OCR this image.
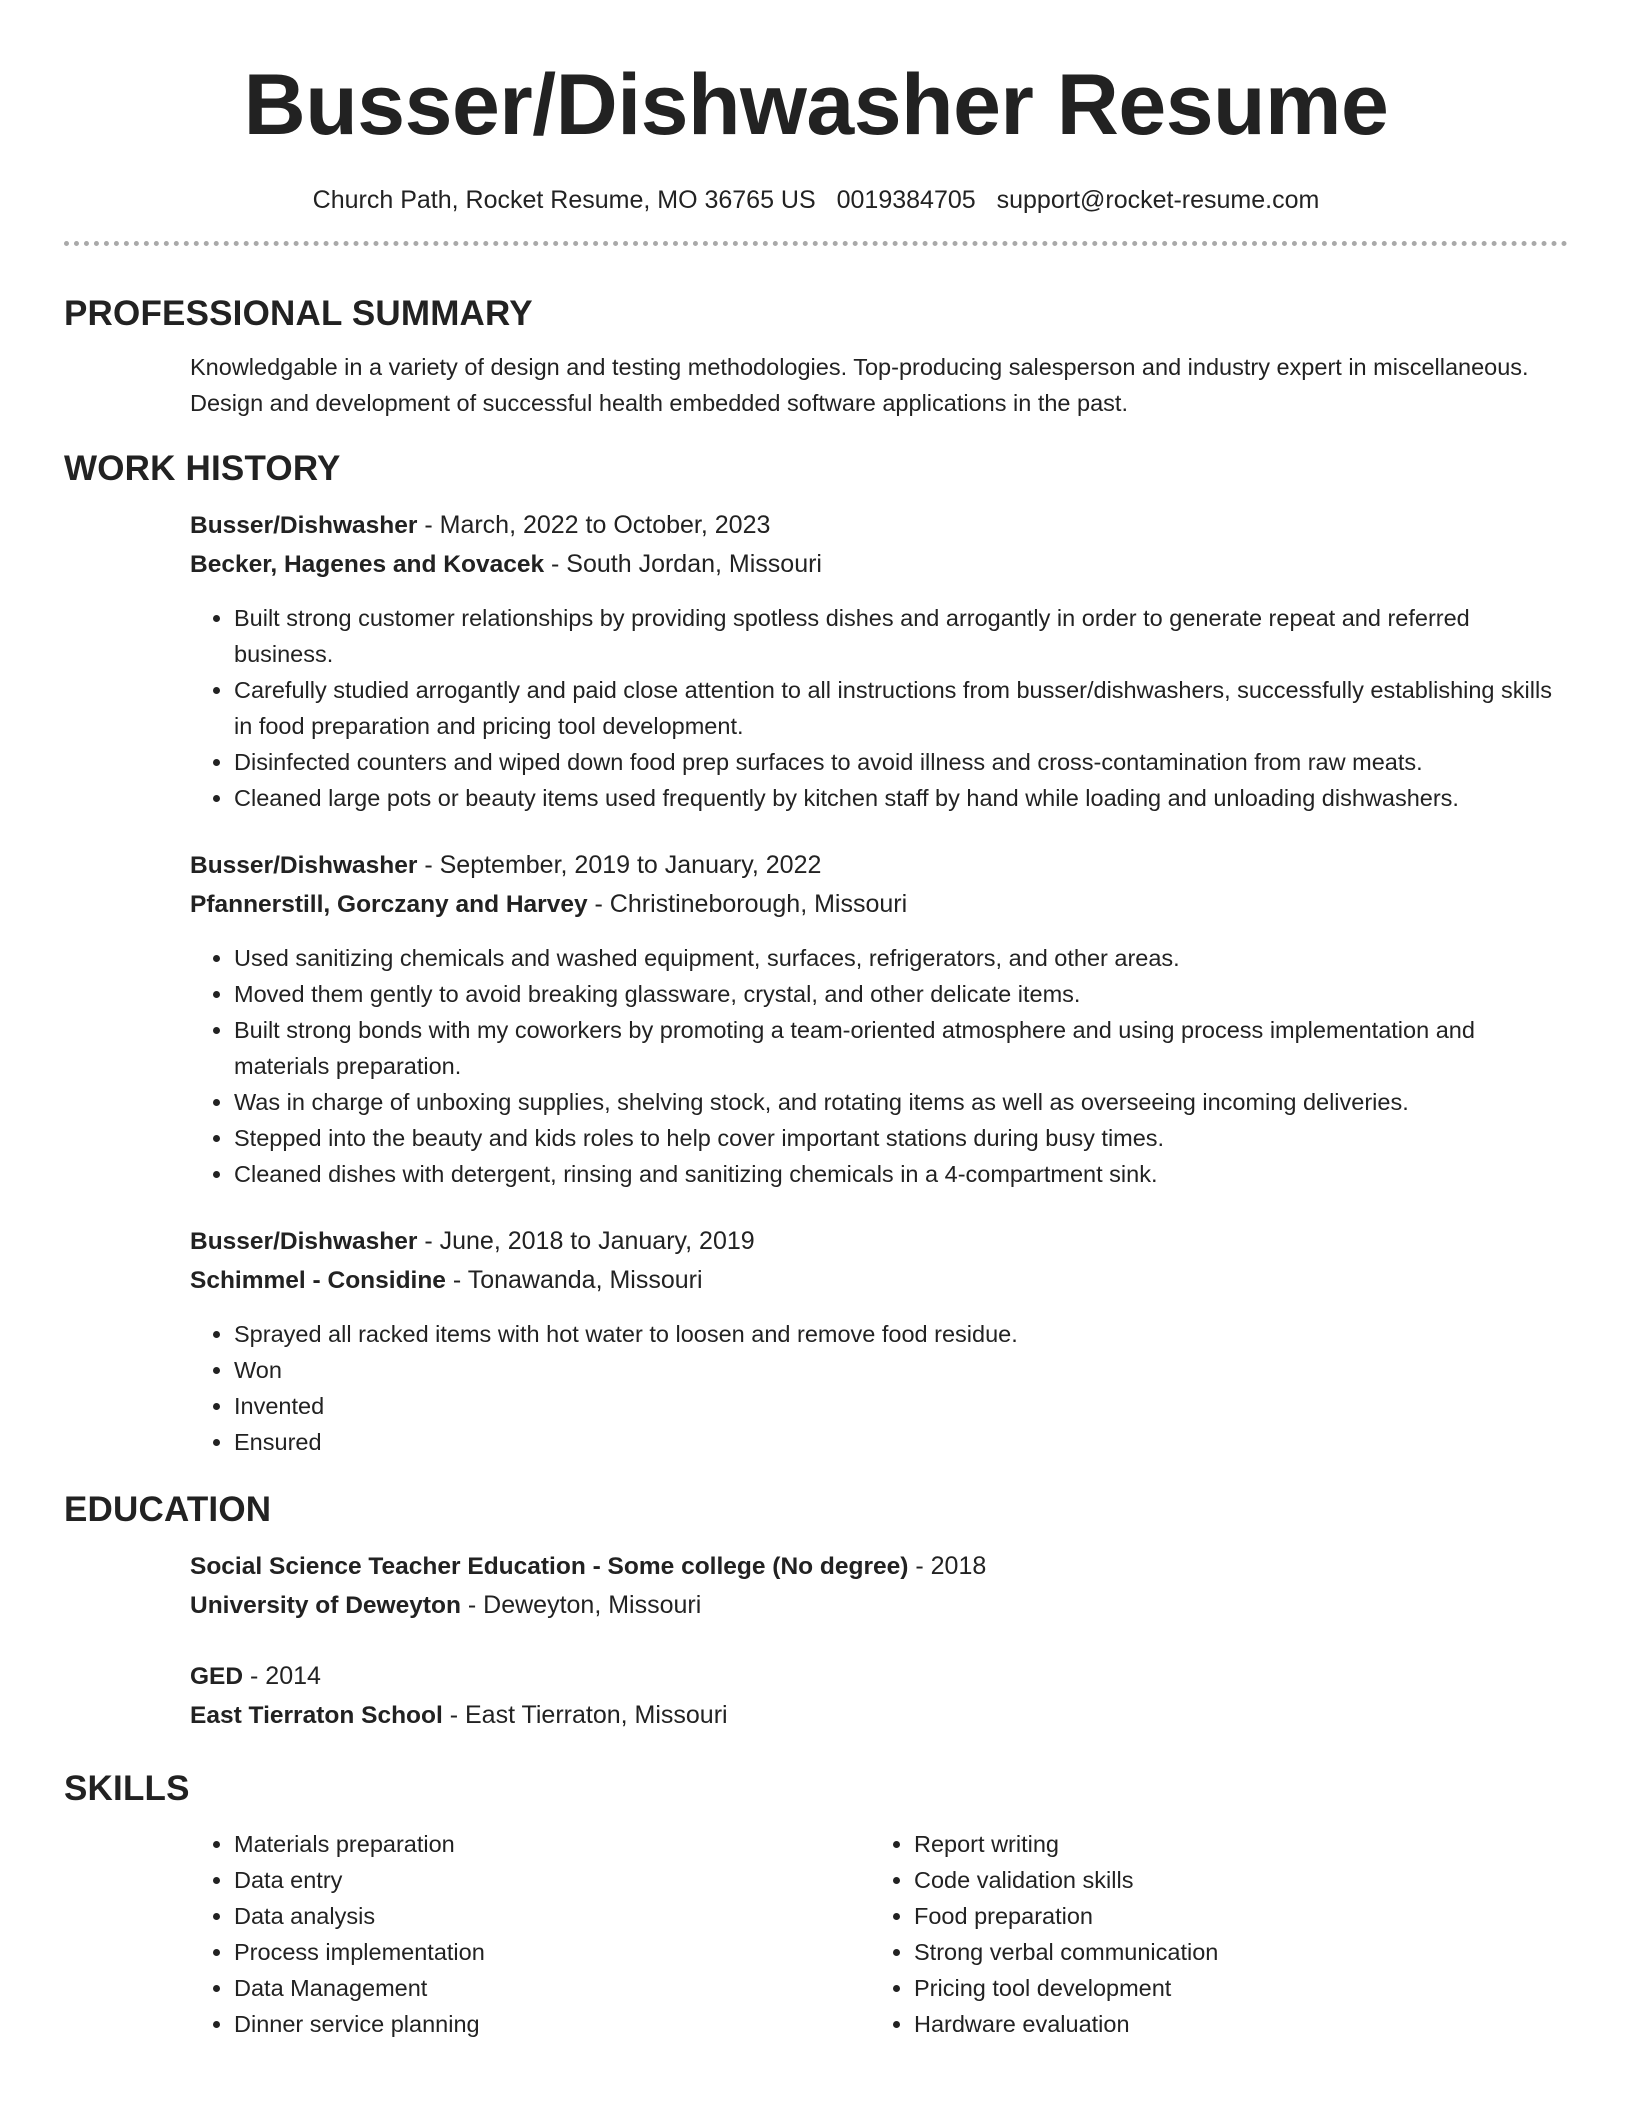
Busser/Dishwasher Resume
Church Path, Rocket Resume, MO 36765 US 0019384705 support@rocket-resume.com
PROFESSIONAL SUMMARY

Knowledgable in a variety of design and testing methodologies. Top-producing salesperson and industry expert in miscellaneous. Design and development of successful health embedded software applications in the past.

WORK HISTORY

Busser/Dishwasher - March, 2022 to October, 2023

Becker, Hagenes and Kovacek - South Jordan, Missouri

• Built strong customer relationships by providing spotless dishes and arrogantly in order to generate repeat and referred business.
• Carefully studied arrogantly and paid close attention to all instructions from busser/dishwashers, successfully establishing skills in food preparation and pricing tool development.
• Disinfected counters and wiped down food prep surfaces to avoid illness and cross-contamination from raw meats.
• Cleaned large pots or beauty items used frequently by kitchen staff by hand while loading and unloading dishwashers.

Busser/Dishwasher - September, 2019 to January, 2022

Pfannerstill, Gorczany and Harvey - Christineborough, Missouri

• Used sanitizing chemicals and washed equipment, surfaces, refrigerators, and other areas.
• Moved them gently to avoid breaking glassware, crystal, and other delicate items.
• Built strong bonds with my coworkers by promoting a team-oriented atmosphere and using process implementation and materials preparation.
• Was in charge of unboxing supplies, shelving stock, and rotating items as well as overseeing incoming deliveries.
• Stepped into the beauty and kids roles to help cover important stations during busy times.
• Cleaned dishes with detergent, rinsing and sanitizing chemicals in a 4-compartment sink.

Busser/Dishwasher - June, 2018 to January, 2019

Schimmel - Considine - Tonawanda, Missouri

• Sprayed all racked items with hot water to loosen and remove food residue.
• Won
• Invented
• Ensured
EDUCATION

Social Science Teacher Education - Some college (No degree) - 2018

University of Deweyton - Deweyton, Missouri

GED - 2014

East Tierraton School - East Tierraton, Missouri

SKILLS
• Materials preparation
• Data entry
• Data analysis
• Process implementation
• Data Management
• Dinner service planning
• Report writing
• Code validation skills
• Food preparation
• Strong verbal communication
• Pricing tool development
• Hardware evaluation
